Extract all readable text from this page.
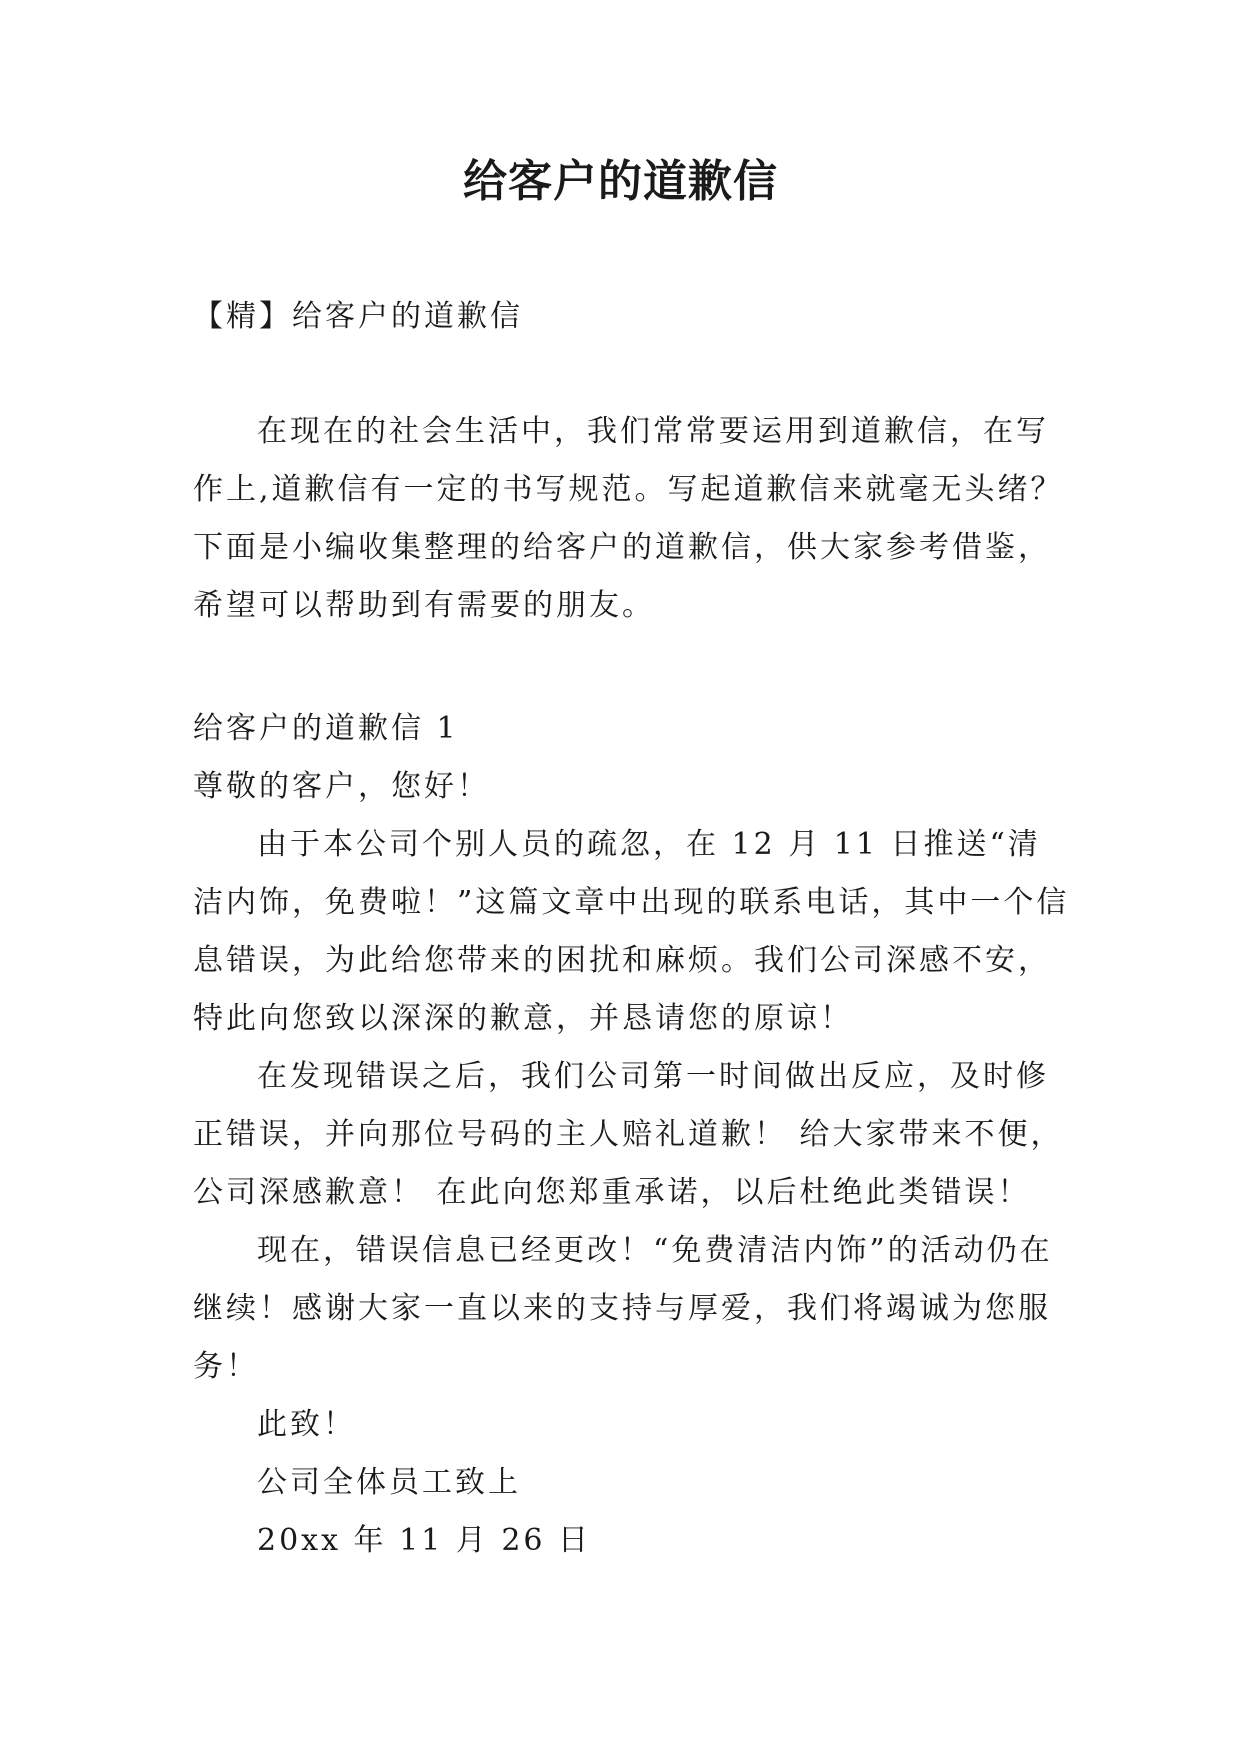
给客户的道歉信
【精】给客户的道歉信
在现在的社会生活中，我们常常要运用到道歉信，在写作上,道歉信有一定的书写规范。写起道歉信来就毫无头绪？下面是小编收集整理的给客户的道歉信，供大家参考借鉴，希望可以帮助到有需要的朋友。

给客户的道歉信 1

尊敬的客户，您好！

由于本公司个别人员的疏忽，在 12 月 11 日推送“清洁内饰，免费啦！”这篇文章中出现的联系电话，其中一个信息错误，为此给您带来的困扰和麻烦。我们公司深感不安，特此向您致以深深的歉意，并恳请您的原谅！

在发现错误之后，我们公司第一时间做出反应，及时修正错误，并向那位号码的主人赔礼道歉！ 给大家带来不便，公司深感歉意！ 在此向您郑重承诺，以后杜绝此类错误！

现在，错误信息已经更改！“免费清洁内饰”的活动仍在继续！感谢大家一直以来的支持与厚爱，我们将竭诚为您服务！

此致！

公司全体员工致上

20xx 年 11 月 26 日
